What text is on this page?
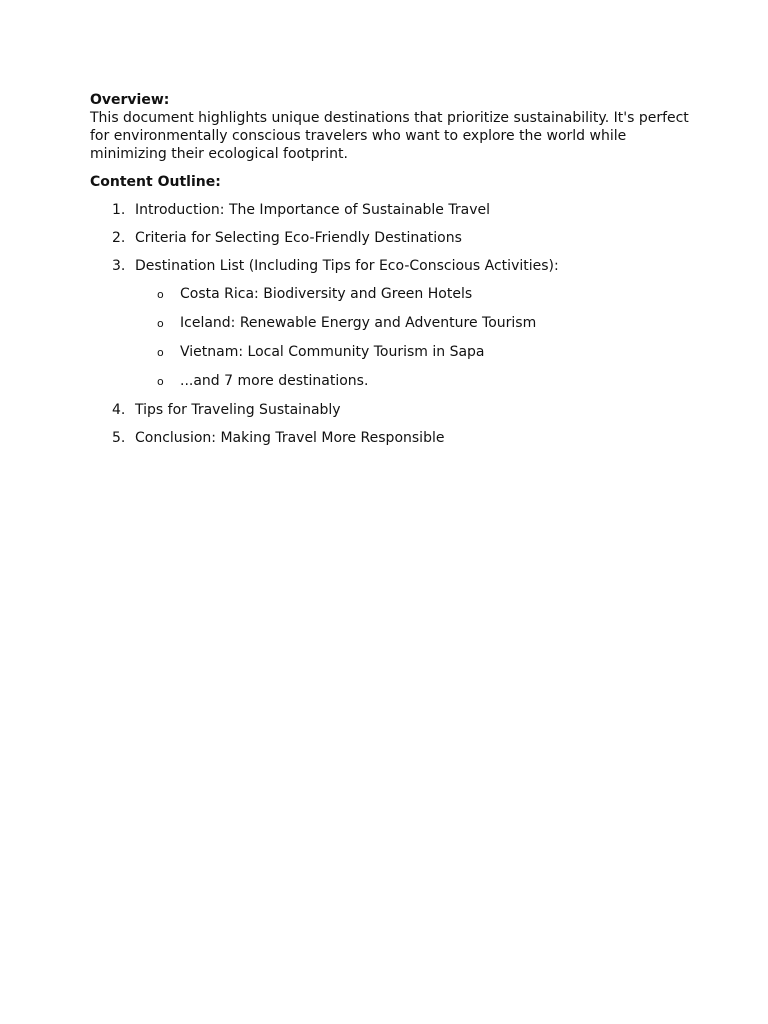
Overview:

This document highlights unique destinations that prioritize sustainability. It's perfect for environmentally conscious travelers who want to explore the world while minimizing their ecological footprint.

Content Outline:

1. Introduction: The Importance of Sustainable Travel
2. Criteria for Selecting Eco-Friendly Destinations
3. Destination List (Including Tips for Eco-Conscious Activities):
o Costa Rica: Biodiversity and Green Hotels
o Iceland: Renewable Energy and Adventure Tourism
o Vietnam: Local Community Tourism in Sapa
o ...and 7 more destinations.
4. Tips for Traveling Sustainably
5. Conclusion: Making Travel More Responsible
